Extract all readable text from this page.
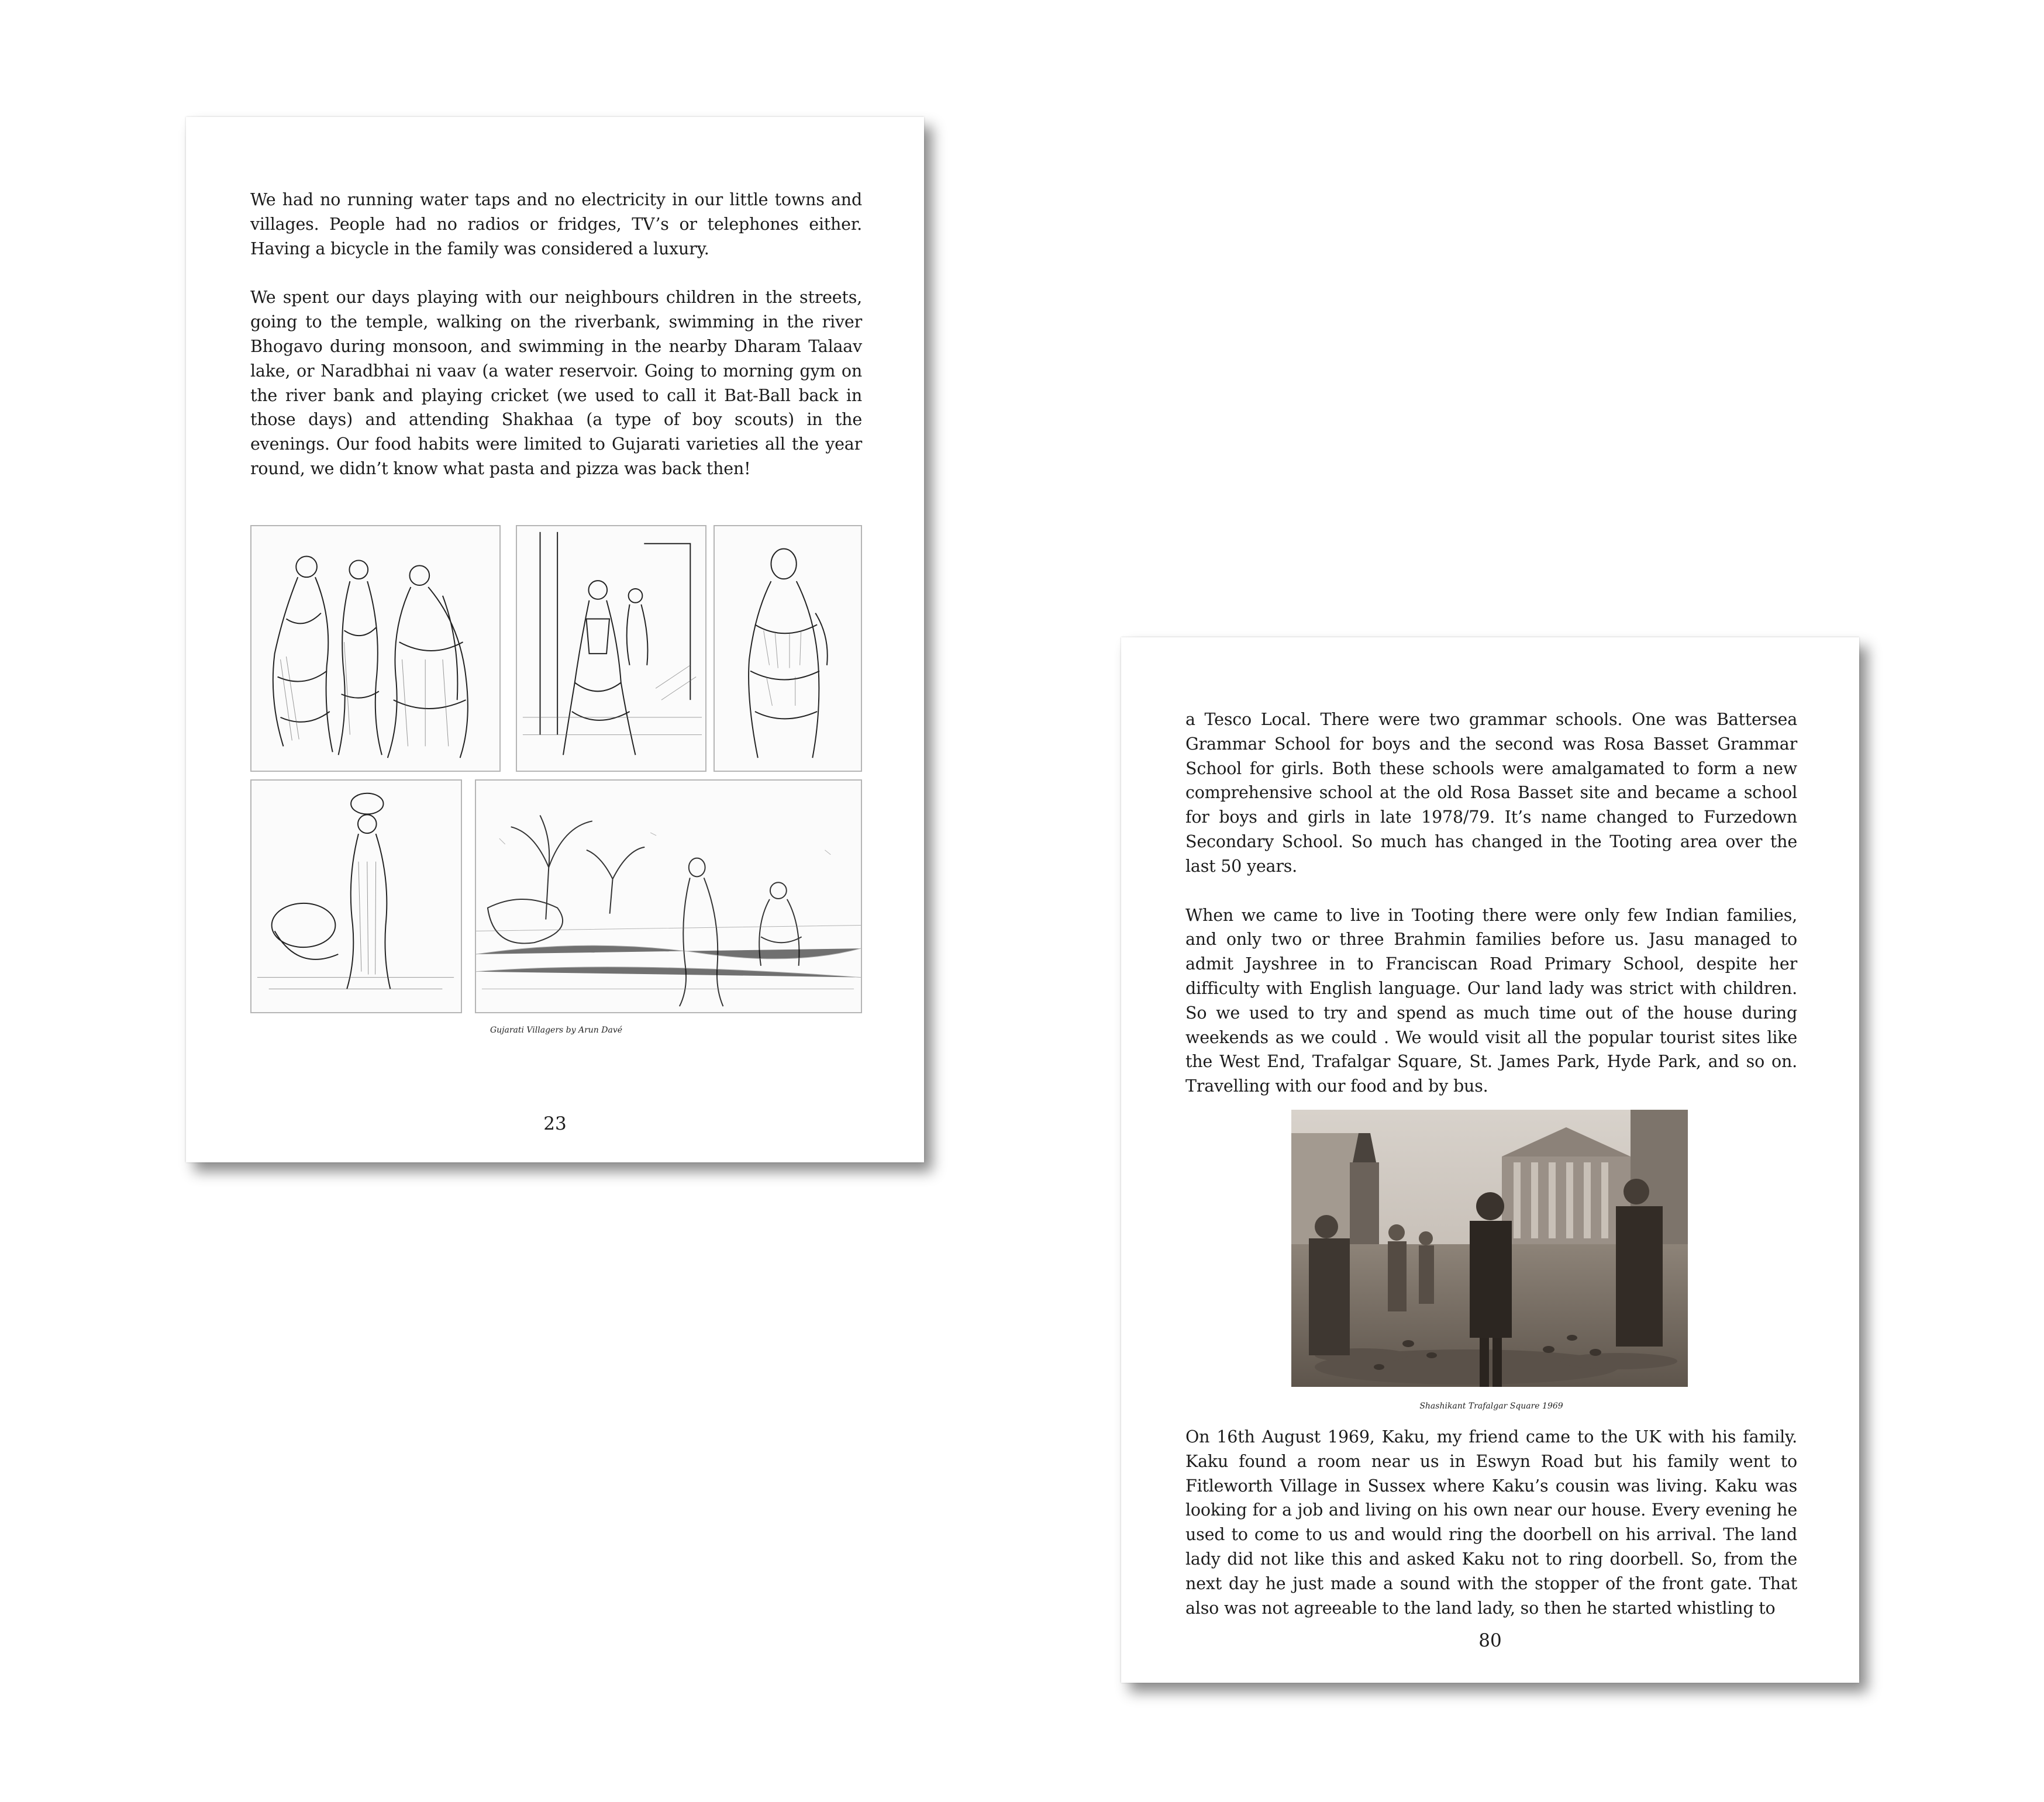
We had no running water taps and no electricity in our little towns and villages. People had no radios or fridges, TV’s or telephones either. Having a bicycle in the family was considered a luxury.

We spent our days playing with our neighbours children in the streets, going to the temple, walking on the riverbank, swimming in the river Bhogavo during monsoon, and swimming in the nearby Dharam Talaav lake, or Naradbhai ni vaav (a water reservoir. Going to morning gym on the river bank and playing cricket (we used to call it Bat-Ball back in those days) and attending Shakhaa (a type of boy scouts) in the evenings. Our food habits were limited to Gujarati varieties all the year round, we didn’t know what pasta and pizza was back then!

Gujarati Villagers by Arun Davé
23

a Tesco Local. There were two grammar schools. One was Battersea Grammar School for boys and the second was Rosa Basset Grammar School for girls. Both these schools were amalgamated to form a new comprehensive school at the old Rosa Basset site and became a school for boys and girls in late 1978/79. It’s name changed to Furzedown Secondary School. So much has changed in the Tooting area over the last 50 years.

When we came to live in Tooting there were only few Indian families, and only two or three Brahmin families before us. Jasu managed to admit Jayshree in to Franciscan Road Primary School, despite her difficulty with English language. Our land lady was strict with children. So we used to try and spend as much time out of the house during weekends as we could . We would visit all the popular tourist sites like the West End, Trafalgar Square, St. James Park, Hyde Park, and so on. Travelling with our food and by bus.

Shashikant Trafalgar Square 1969

On 16th August 1969, Kaku, my friend came to the UK with his family. Kaku found a room near us in Eswyn Road but his family went to Fitleworth Village in Sussex where Kaku’s cousin was living. Kaku was looking for a job and living on his own near our house. Every evening he used to come to us and would ring the doorbell on his arrival. The land lady did not like this and asked Kaku not to ring doorbell. So, from the next day he just made a sound with the stopper of the front gate. That also was not agreeable to the land lady, so then he started whistling to

80
